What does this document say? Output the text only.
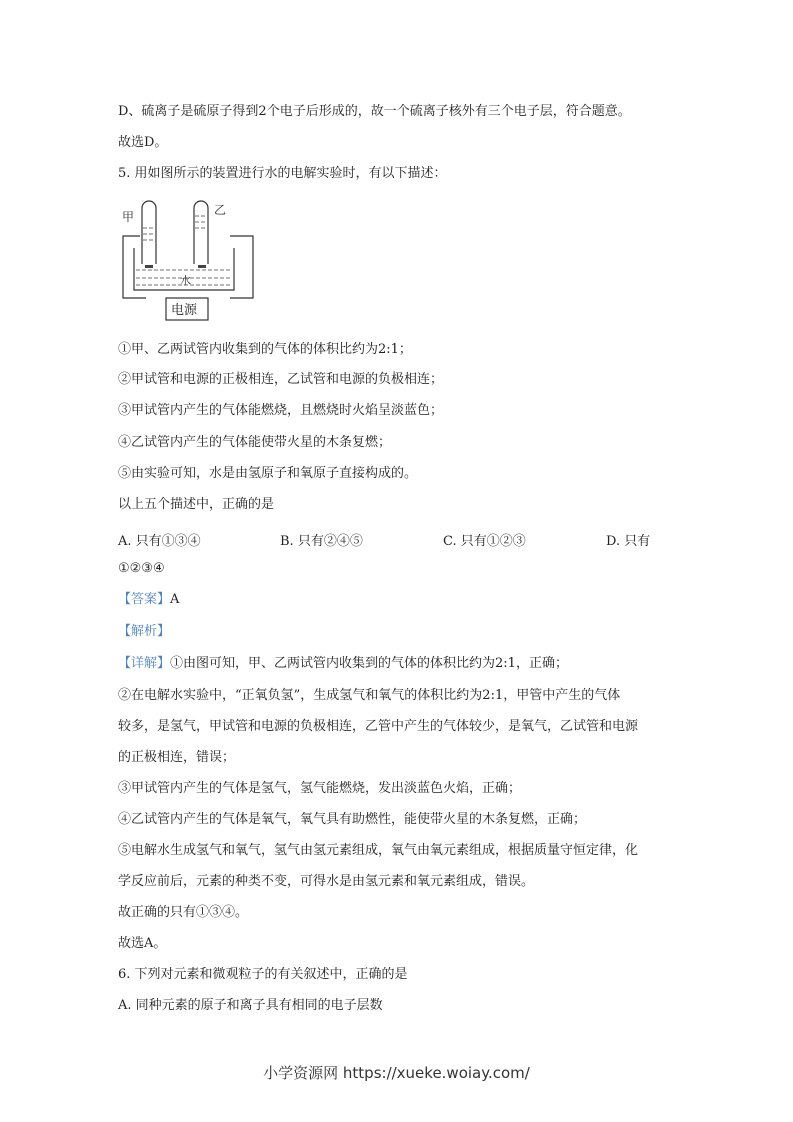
D、硫离子是硫原子得到2个电子后形成的，故一个硫离子核外有三个电子层，符合题意。
故选D。
5. 用如图所示的装置进行水的电解实验时，有以下描述：
甲	乙
水
电源
①甲、乙两试管内收集到的气体的体积比约为2:1；
②甲试管和电源的正极相连，乙试管和电源的负极相连；
③甲试管内产生的气体能燃烧，且燃烧时火焰呈淡蓝色；
④乙试管内产生的气体能使带火星的木条复燃；
⑤由实验可知，水是由氢原子和氧原子直接构成的。
以上五个描述中，正确的是
A. 只有①③④	B. 只有②④⑤	C. 只有①②③	D. 只有
①②③④
【答案】A
【解析】
【详解】①由图可知，甲、乙两试管内收集到的气体的体积比约为2:1，正确；
②在电解水实验中，“正氧负氢”，生成氢气和氧气的体积比约为2:1，甲管中产生的气体
较多，是氢气，甲试管和电源的负极相连，乙管中产生的气体较少，是氧气，乙试管和电源
的正极相连，错误；
③甲试管内产生的气体是氢气，氢气能燃烧，发出淡蓝色火焰，正确；
④乙试管内产生的气体是氧气，氧气具有助燃性，能使带火星的木条复燃，正确；
⑤电解水生成氢气和氧气，氢气由氢元素组成，氧气由氧元素组成，根据质量守恒定律，化
学反应前后，元素的种类不变，可得水是由氢元素和氧元素组成，错误。
故正确的只有①③④。
故选A。
6. 下列对元素和微观粒子的有关叙述中，正确的是
A. 同种元素的原子和离子具有相同的电子层数
小学资源网 https://xueke.woiay.com/
